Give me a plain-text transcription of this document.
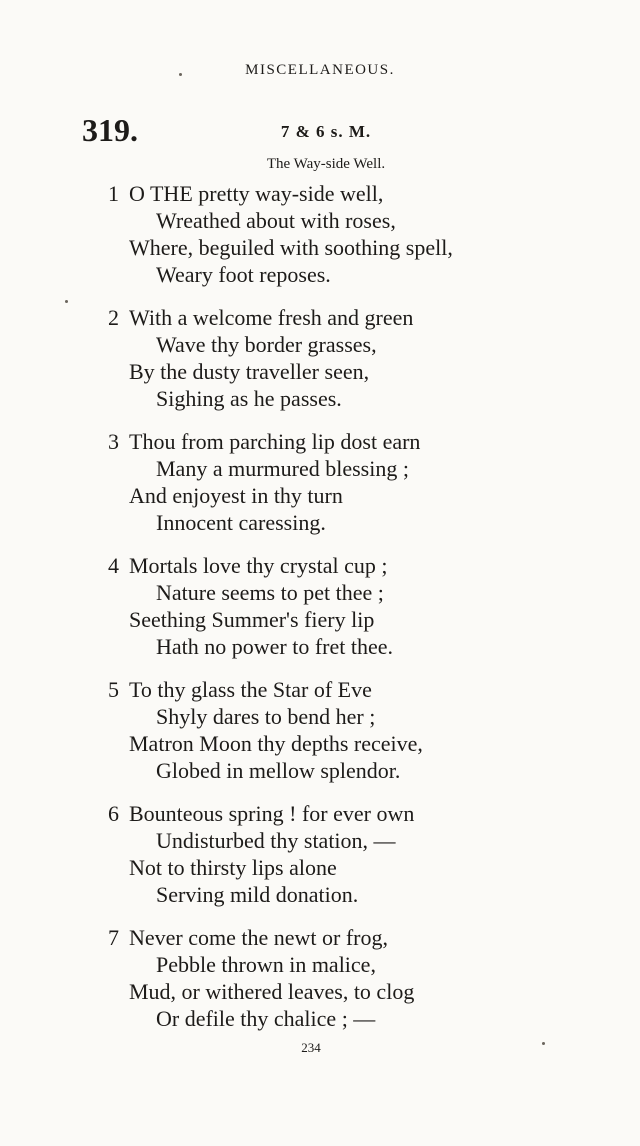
MISCELLANEOUS.
319.	7 & 6 s. M.
The Way-side Well.
1 O THE pretty way-side well,
Wreathed about with roses,
Where, beguiled with soothing spell,
Weary foot reposes.
2 With a welcome fresh and green
Wave thy border grasses,
By the dusty traveller seen,
Sighing as he passes.
3 Thou from parching lip dost earn
Many a murmured blessing ;
And enjoyest in thy turn
Innocent caressing.
4 Mortals love thy crystal cup ;
Nature seems to pet thee ;
Seething Summer's fiery lip
Hath no power to fret thee.
5 To thy glass the Star of Eve
Shyly dares to bend her ;
Matron Moon thy depths receive,
Globed in mellow splendor.
6 Bounteous spring ! for ever own
Undisturbed thy station, —
Not to thirsty lips alone
Serving mild donation.
7 Never come the newt or frog,
Pebble thrown in malice,
Mud, or withered leaves, to clog
Or defile thy chalice ; —
234
